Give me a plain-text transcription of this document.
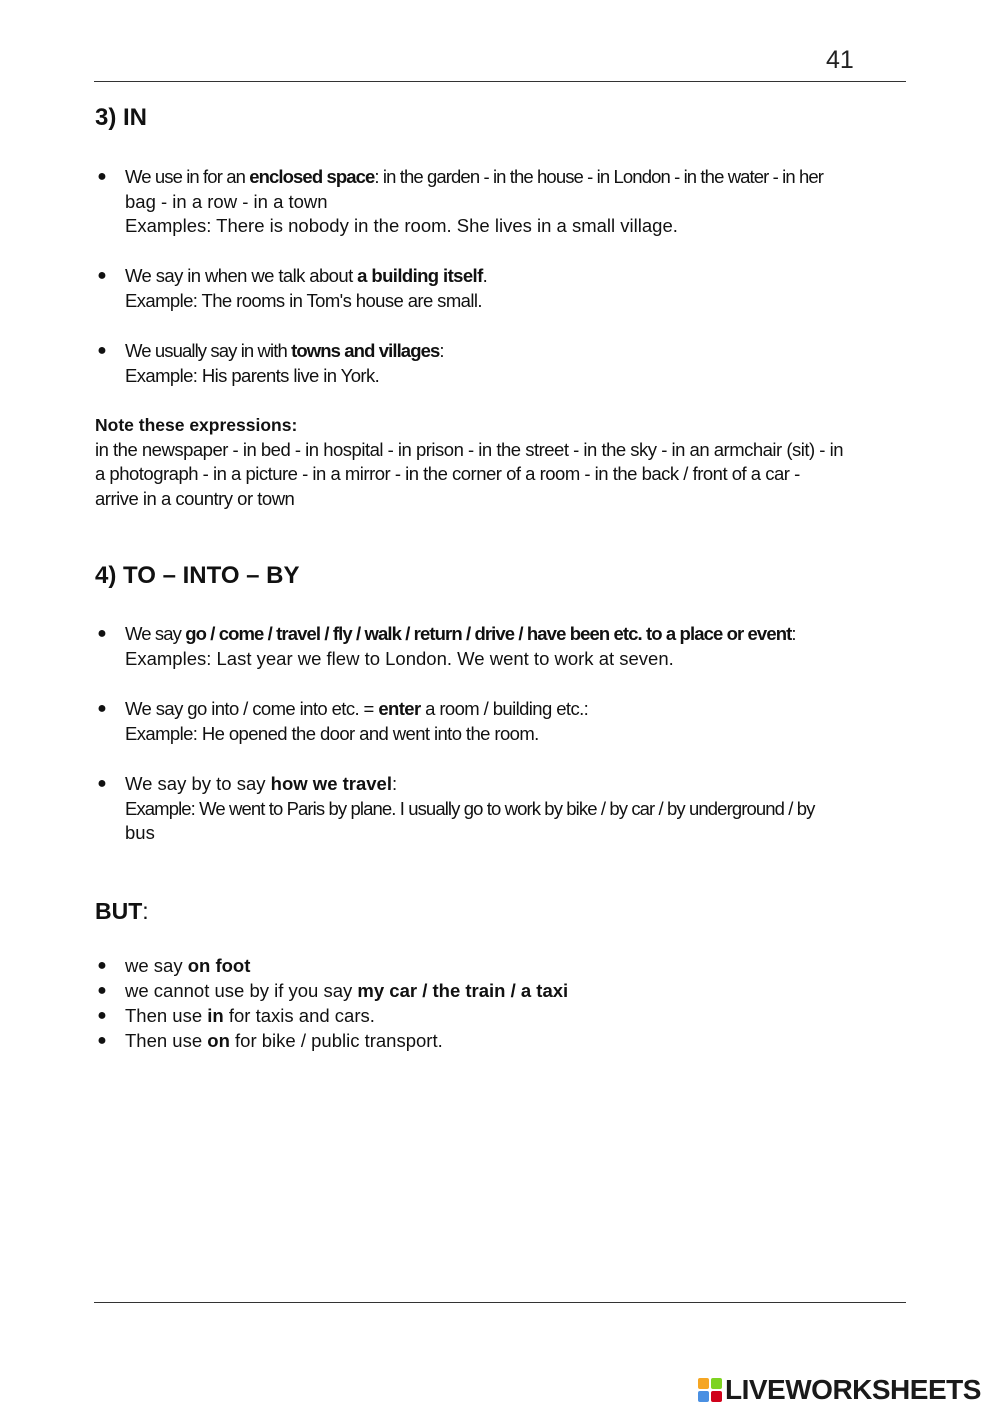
41
3) IN
● We use in for an enclosed space: in the garden - in the house - in London - in the water - in her
bag - in a row - in a town
Examples: There is nobody in the room. She lives in a small village.
● We say in when we talk about a building itself.
Example: The rooms in Tom's house are small.
● We usually say in with towns and villages:
Example: His parents live in York.
Note these expressions:
in the newspaper - in bed - in hospital - in prison - in the street - in the sky - in an armchair (sit) - in
a photograph - in a picture - in a mirror - in the corner of a room - in the back / front of a car -
arrive in a country or town
4) TO – INTO – BY
● We say go / come / travel / fly / walk / return / drive / have been etc. to a place or event:
Examples: Last year we flew to London. We went to work at seven.
● We say go into / come into etc. = enter a room / building etc.:
Example: He opened the door and went into the room.
● We say by to say how we travel:
Example: We went to Paris by plane. I usually go to work by bike / by car / by underground / by
bus
BUT:
● we say on foot
● we cannot use by if you say my car / the train / a taxi
● Then use in for taxis and cars.
● Then use on for bike / public transport.
LIVEWORKSHEETS
